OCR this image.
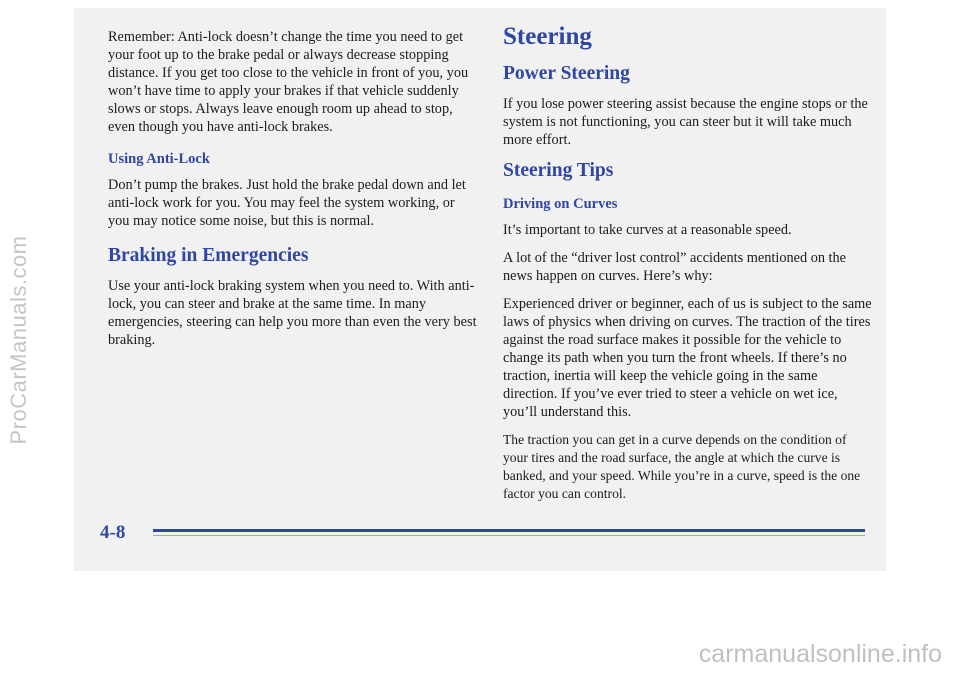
Remember: Anti-lock doesn’t change the time you need to get your foot up to the brake pedal or always decrease stopping distance. If you get too close to the vehicle in front of you, you won’t have time to apply your brakes if that vehicle suddenly slows or stops. Always leave enough room up ahead to stop, even though you have anti-lock brakes.

Using Anti-Lock

Don’t pump the brakes. Just hold the brake pedal down and let anti-lock work for you. You may feel the system working, or you may notice some noise, but this is normal.

Braking in Emergencies

Use your anti-lock braking system when you need to. With anti-lock, you can steer and brake at the same time. In many emergencies, steering can help you more than even the very best braking.

Steering
Power Steering

If you lose power steering assist because the engine stops or the system is not functioning, you can steer but it will take much more effort.

Steering Tips
Driving on Curves

It’s important to take curves at a reasonable speed.

A lot of the “driver lost control” accidents mentioned on the news happen on curves. Here’s why:

Experienced driver or beginner, each of us is subject to the same laws of physics when driving on curves. The traction of the tires against the road surface makes it possible for the vehicle to change its path when you turn the front wheels. If there’s no traction, inertia will keep the vehicle going in the same direction. If you’ve ever tried to steer a vehicle on wet ice, you’ll understand this.

The traction you can get in a curve depends on the condition of your tires and the road surface, the angle at which the curve is banked, and your speed. While you’re in a curve, speed is the one factor you can control.

4-8
ProCarManuals.com
carmanualsonline.info
